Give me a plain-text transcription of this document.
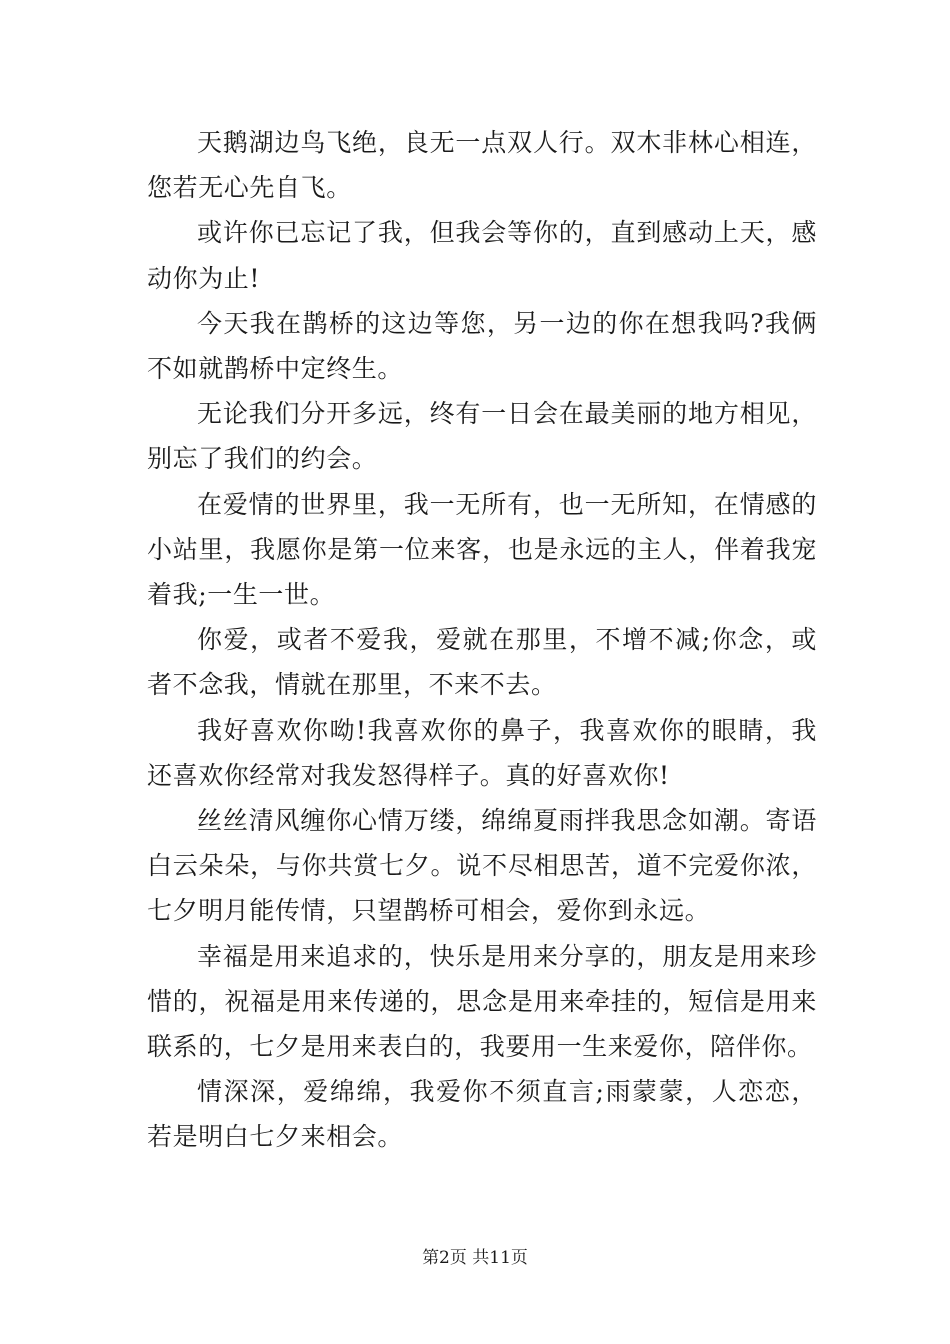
天鹅湖边鸟飞绝，良无一点双人行。双木非林心相连，您若无心先自飞。

或许你已忘记了我，但我会等你的，直到感动上天，感动你为止!

今天我在鹊桥的这边等您，另一边的你在想我吗?我俩不如就鹊桥中定终生。

无论我们分开多远，终有一日会在最美丽的地方相见，别忘了我们的约会。

在爱情的世界里，我一无所有，也一无所知，在情感的小站里，我愿你是第一位来客，也是永远的主人，伴着我宠着我;一生一世。

你爱，或者不爱我，爱就在那里，不增不减;你念，或者不念我，情就在那里，不来不去。

我好喜欢你呦!我喜欢你的鼻子，我喜欢你的眼睛，我还喜欢你经常对我发怒得样子。真的好喜欢你!

丝丝清风缠你心情万缕，绵绵夏雨拌我思念如潮。寄语白云朵朵，与你共赏七夕。说不尽相思苦，道不完爱你浓，七夕明月能传情，只望鹊桥可相会，爱你到永远。

幸福是用来追求的，快乐是用来分享的，朋友是用来珍惜的，祝福是用来传递的，思念是用来牵挂的，短信是用来联系的，七夕是用来表白的，我要用一生来爱你，陪伴你。

情深深，爱绵绵，我爱你不须直言;雨蒙蒙，人恋恋，若是明白七夕来相会。

第2页 共11页
